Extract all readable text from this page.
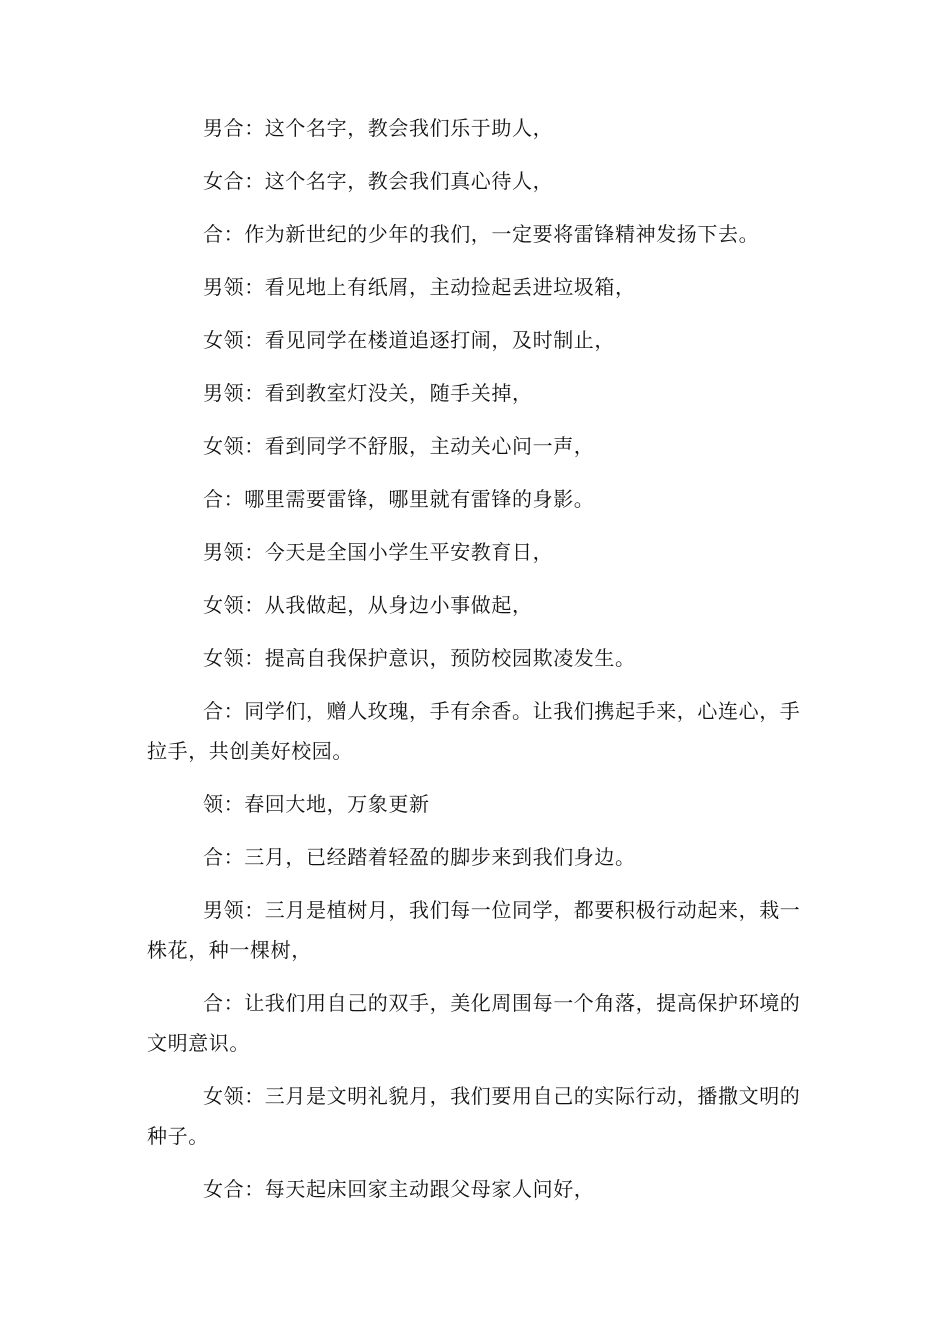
男合：这个名字，教会我们乐于助人，

女合：这个名字，教会我们真心待人，

合：作为新世纪的少年的我们，一定要将雷锋精神发扬下去。

男领：看见地上有纸屑，主动捡起丢进垃圾箱，

女领：看见同学在楼道追逐打闹，及时制止，

男领：看到教室灯没关，随手关掉，

女领：看到同学不舒服，主动关心问一声，

合：哪里需要雷锋，哪里就有雷锋的身影。

男领：今天是全国小学生平安教育日，

女领：从我做起，从身边小事做起，

女领：提高自我保护意识，预防校园欺凌发生。

合：同学们，赠人玫瑰，手有余香。让我们携起手来，心连心，手拉手，共创美好校园。

领：春回大地，万象更新

合：三月，已经踏着轻盈的脚步来到我们身边。

男领：三月是植树月，我们每一位同学，都要积极行动起来，栽一株花，种一棵树，

合：让我们用自己的双手，美化周围每一个角落，提高保护环境的文明意识。

女领：三月是文明礼貌月，我们要用自己的实际行动，播撒文明的种子。

女合：每天起床回家主动跟父母家人问好，
